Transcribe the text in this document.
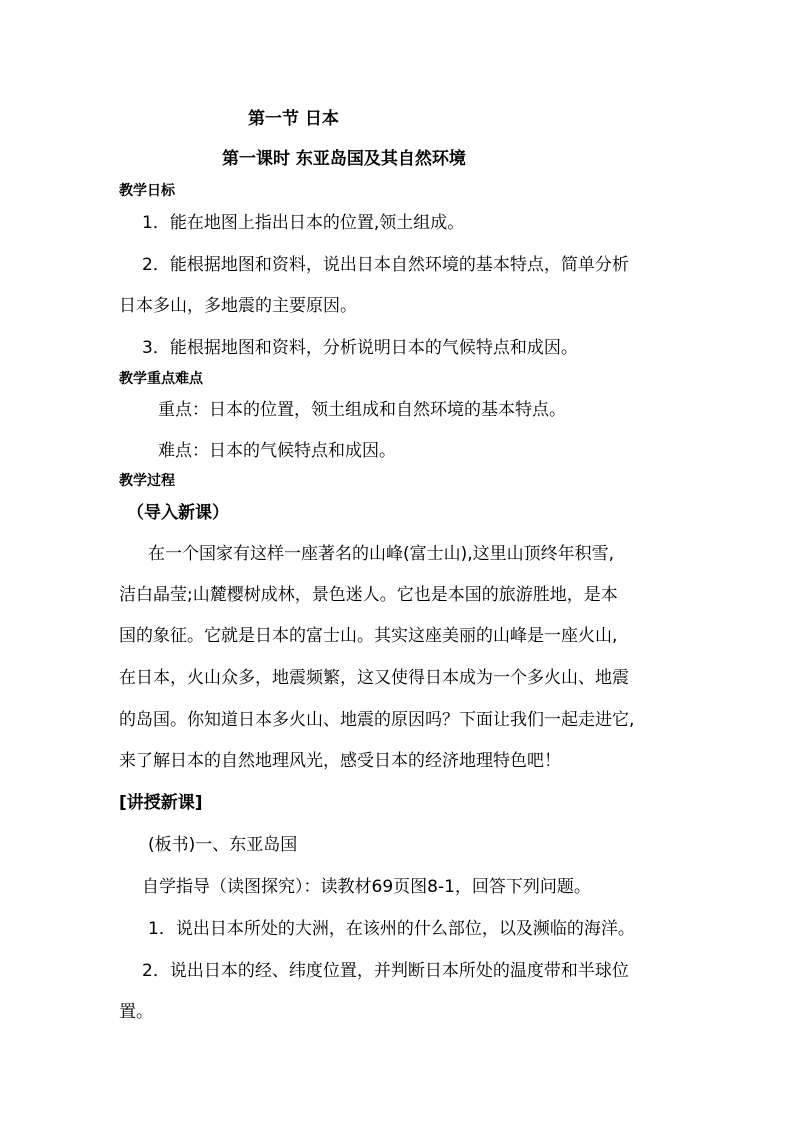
第一节 日本
第一课时 东亚岛国及其自然环境
教学日标
1．能在地图上指出日本的位置,领土组成。
2．能根据地图和资料，说出日本自然环境的基本特点，简单分析
日本多山，多地震的主要原因。
3．能根据地图和资料，分析说明日本的气候特点和成因。
教学重点难点
重点：日本的位置，领土组成和自然环境的基本特点。
难点：日本的气候特点和成因。
教学过程
（导入新课）
在一个国家有这样一座著名的山峰(富士山),这里山顶终年积雪,
洁白晶莹;山麓樱树成林，景色迷人。它也是本国的旅游胜地，是本
国的象征。它就是日本的富士山。其实这座美丽的山峰是一座火山,
在日本，火山众多，地震频繁，这又使得日本成为一个多火山、地震
的岛国。你知道日本多火山、地震的原因吗？下面让我们一起走进它,
来了解日本的自然地理风光，感受日本的经济地理特色吧！
[讲授新课]
(板书)一、东亚岛国
自学指导（读图探究）：读教材69页图8-1，回答下列问题。
1．说出日本所处的大洲，在该州的什么部位，以及濒临的海洋。
2．说出日本的经、纬度位置，并判断日本所处的温度带和半球位
置。
